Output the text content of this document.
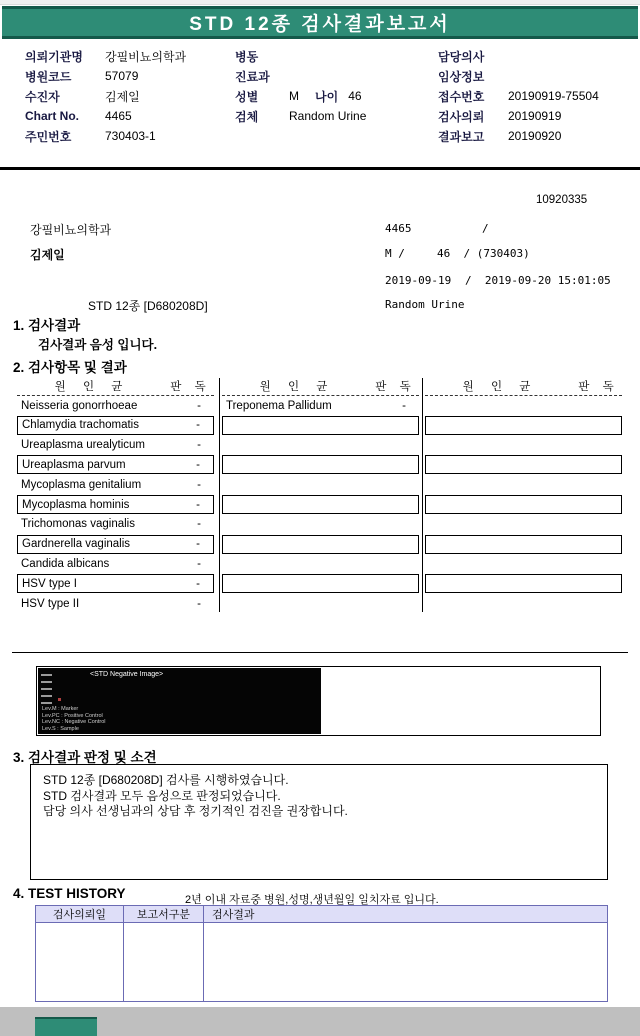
STD 12종 검사결과보고서
의뢰기관명	강필비뇨의학과
병원코드	57079
수진자	김제일
Chart No.	4465
주민번호	730403-1
병동
진료과
성별	M 나이 46
검체	Random Urine
담당의사
임상정보
접수번호	20190919-75504
검사의뢰	20190919
결과보고	20190920
10920335
강필비뇨의학과	4465	/
김제일	M /	46  / (730403)
2019-09-19 /  2019-09-20 15:01:05
STD 12종 [D680208D]	Random Urine
1. 검사결과
검사결과 음성 입니다.
2. 검사항목 및 결과
원 인 균	판 독
Neisseria gonorrhoeae	-
Chlamydia trachomatis	-
Ureaplasma urealyticum	-
Ureaplasma parvum	-
Mycoplasma genitalium	-
Mycoplasma hominis	-
Trichomonas vaginalis	-
Gardnerella vaginalis	-
Candida albicans	-
HSV type I	-
HSV type II	-
원 인 균	판 독
Treponema Pallidum	-
원 인 균	판 독
<STD Negative Image>
Lev.M : Marker
Lev.PC : Positive Control
Lev.NC : Negative Control
Lev.S : Sample
3. 검사결과 판정 및 소견
STD 12종 [D680208D] 검사를 시행하였습니다.
STD 검사결과 모두 음성으로 판정되었습니다.
담당 의사 선생님과의 상담 후 정기적인 검진을 권장합니다.
4. TEST HISTORY	2년 이내 자료중 병원,성명,생년월일 일치자료 입니다.
검사의뢰일	보고서구분	검사결과
